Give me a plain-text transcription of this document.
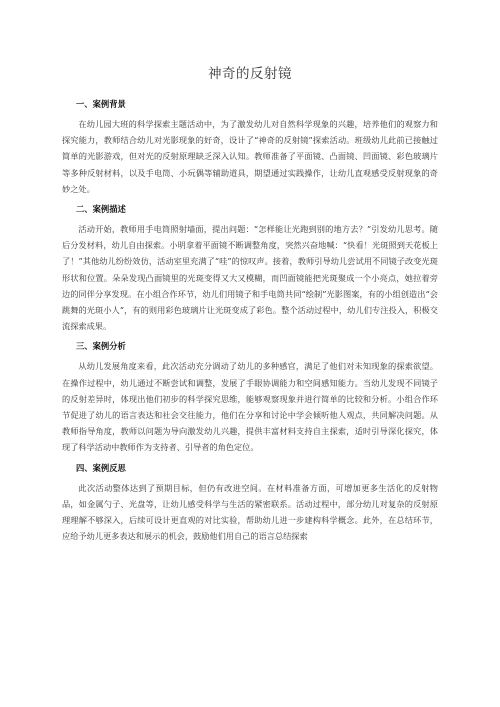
神奇的反射镜
一、案例背景

在幼儿园大班的科学探索主题活动中，为了激发幼儿对自然科学现象的兴趣，培养他们的观察力和探究能力，教师结合幼儿对光影现象的好奇，设计了“神奇的反射镜”探索活动。班级幼儿此前已接触过简单的光影游戏，但对光的反射原理缺乏深入认知。教师准备了平面镜、凸面镜、凹面镜、彩色玻璃片等多种反射材料，以及手电筒、小玩偶等辅助道具，期望通过实践操作，让幼儿直观感受反射现象的奇妙之处。

二、案例描述

活动开始，教师用手电筒照射墙面，提出问题：“怎样能让光跑到别的地方去？”引发幼儿思考。随后分发材料，幼儿自由探索。小明拿着平面镜不断调整角度，突然兴奋地喊：“快看！光斑照到天花板上了！”其他幼儿纷纷效仿，活动室里充满了“哇”的惊叹声。接着，教师引导幼儿尝试用不同镜子改变光斑形状和位置。朵朵发现凸面镜里的光斑变得又大又模糊，而凹面镜能把光斑聚成一个小亮点，她拉着旁边的同伴分享发现。在小组合作环节，幼儿们用镜子和手电筒共同“绘制”光影图案，有的小组创造出“会跳舞的光斑小人”，有的则用彩色玻璃片让光斑变成了彩色。整个活动过程中，幼儿们专注投入，积极交流探索成果。

三、案例分析

从幼儿发展角度来看，此次活动充分调动了幼儿的多种感官，满足了他们对未知现象的探索欲望。在操作过程中，幼儿通过不断尝试和调整，发展了手眼协调能力和空间感知能力。当幼儿发现不同镜子的反射差异时，体现出他们初步的科学探究思维，能够观察现象并进行简单的比较和分析。小组合作环节促进了幼儿的语言表达和社会交往能力，他们在分享和讨论中学会倾听他人观点，共同解决问题。从教师指导角度，教师以问题为导向激发幼儿兴趣，提供丰富材料支持自主探索，适时引导深化探究，体现了科学活动中教师作为支持者、引导者的角色定位。

四、案例反思

此次活动整体达到了预期目标，但仍有改进空间。在材料准备方面，可增加更多生活化的反射物品，如金属勺子、光盘等，让幼儿感受科学与生活的紧密联系。活动过程中，部分幼儿对复杂的反射原理理解不够深入，后续可设计更直观的对比实验，帮助幼儿进一步建构科学概念。此外，在总结环节，应给予幼儿更多表达和展示的机会，鼓励他们用自己的语言总结探索
